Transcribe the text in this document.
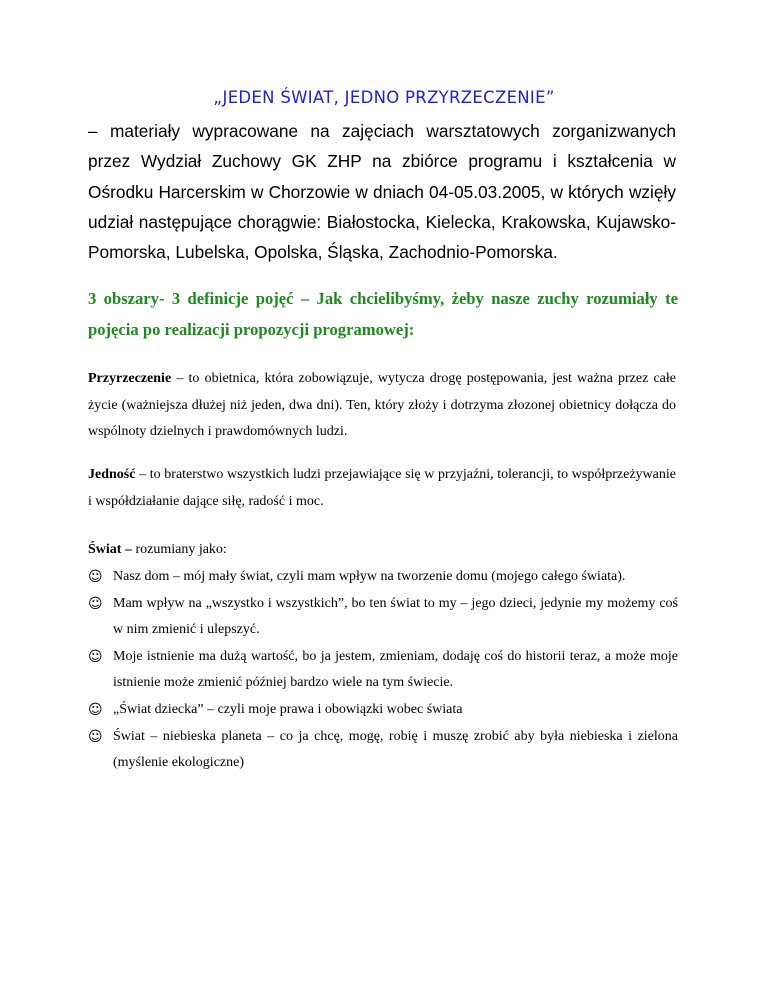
„JEDEN ŚWIAT, JEDNO PRZYRZECZENIE”
– materiały wypracowane na zajęciach warsztatowych zorganizwanych przez Wydział Zuchowy GK ZHP na zbiórce programu i kształcenia w Ośrodku Harcerskim w Chorzowie w dniach 04-05.03.2005, w których wzięły udział następujące chorągwie: Białostocka, Kielecka, Krakowska, Kujawsko-Pomorska, Lubelska, Opolska, Śląska, Zachodnio-Pomorska.
3 obszary- 3 definicje pojęć – Jak chcielibyśmy, żeby nasze zuchy rozumiały te pojęcia po realizacji propozycji programowej:
Przyrzeczenie – to obietnica, która zobowiązuje, wytycza drogę postępowania, jest ważna przez całe życie (ważniejsza dłużej niż jeden, dwa dni). Ten, który złoży i dotrzyma złozonej obietnicy dołącza do wspólnoty dzielnych i prawdomównych ludzi.
Jedność – to braterstwo wszystkich ludzi przejawiające się w przyjaźni, tolerancji, to współprzeżywanie i współdziałanie dające siłę, radość i moc.
Świat – rozumiany jako:
☺ Nasz dom – mój mały świat, czyli mam wpływ na tworzenie domu (mojego całego świata).
☺ Mam wpływ na „wszystko i wszystkich”, bo ten świat to my – jego dzieci, jedynie my możemy coś w nim zmienić i ulepszyć.
☺ Moje istnienie ma dużą wartość, bo ja jestem, zmieniam, dodaję coś do historii teraz, a może moje istnienie może zmienić później bardzo wiele na tym świecie.
☺ „Świat dziecka” – czyli moje prawa i obowiązki wobec świata
☺ Świat – niebieska planeta – co ja chcę, mogę, robię i muszę zrobić aby była niebieska i zielona (myślenie ekologiczne)
